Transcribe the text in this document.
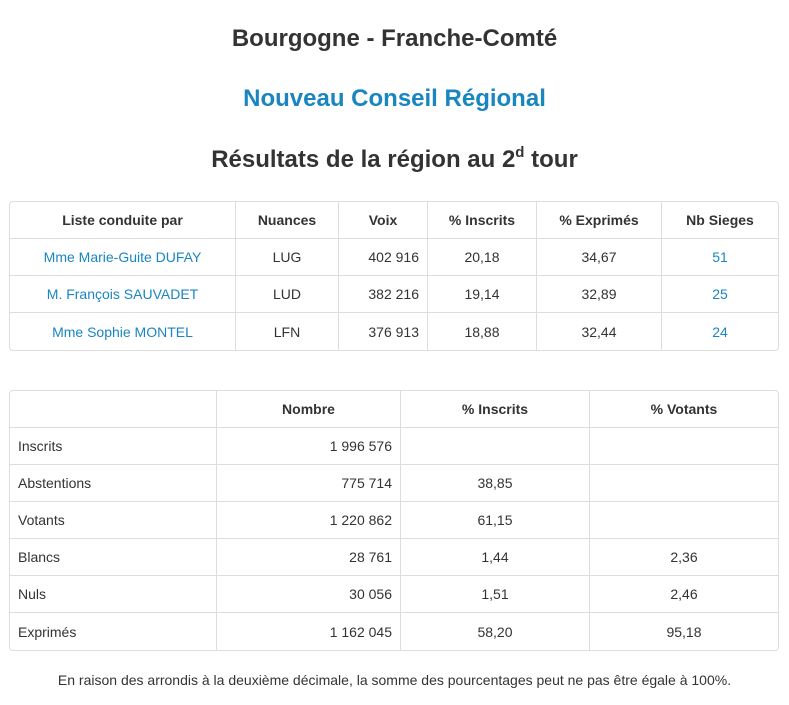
Bourgogne - Franche-Comté
Nouveau Conseil Régional
Résultats de la région au 2$^d$ tour
Liste conduite par	Nuances	Voix	% Inscrits	% Exprimés	Nb Sieges
Mme Marie-Guite DUFAY	LUG	402 916	20,18	34,67	51
M. François SAUVADET	LUD	382 216	19,14	32,89	25
Mme Sophie MONTEL	LFN	376 913	18,88	32,44	24
	Nombre	% Inscrits	% Votants
Inscrits	1 996 576		
Abstentions	775 714	38,85	
Votants	1 220 862	61,15	
Blancs	28 761	1,44	2,36
Nuls	30 056	1,51	2,46
Exprimés	1 162 045	58,20	95,18
En raison des arrondis à la deuxième décimale, la somme des pourcentages peut ne pas être égale à 100%.
